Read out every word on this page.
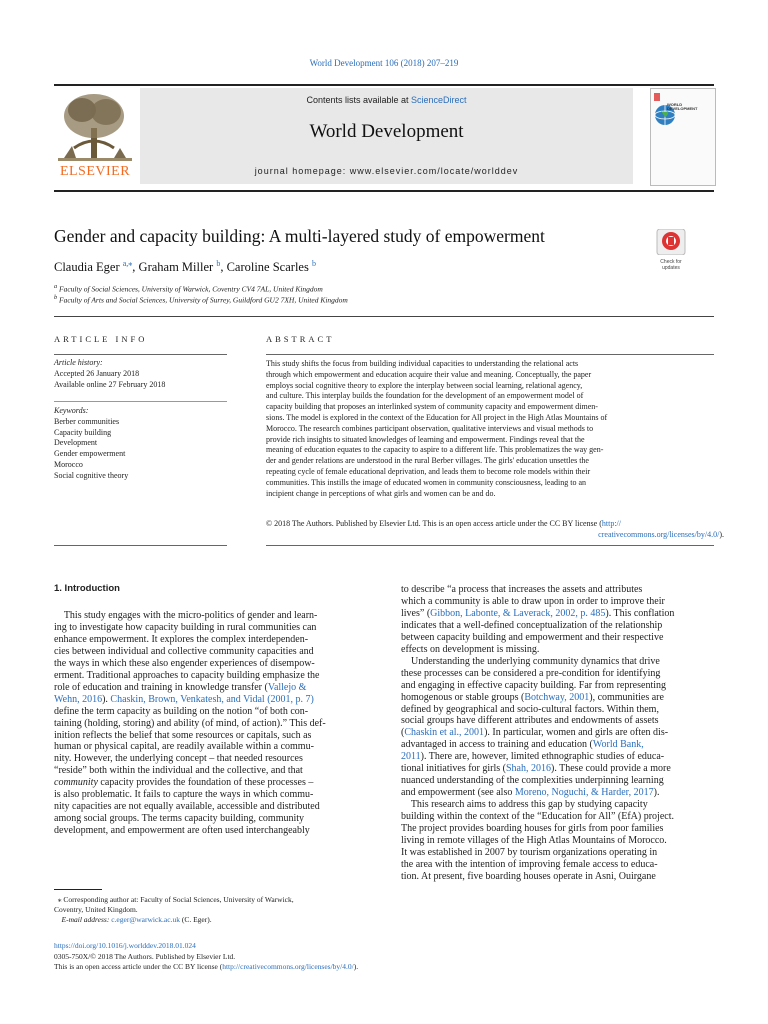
World Development 106 (2018) 207–219
ELSEVIER
Contents lists available at ScienceDirect
World Development
journal homepage: www.elsevier.com/locate/worlddev
WORLD
DEVELOPMENT
Gender and capacity building: A multi-layered study of empowerment
Check for
updates
Claudia Eger $^{a,⁎}$, Graham Miller $^b$, Caroline Scarles $^b$
$^a$ Faculty of Social Sciences, University of Warwick, Coventry CV4 7AL, United Kingdom
$^b$ Faculty of Arts and Social Sciences, University of Surrey, Guildford GU2 7XH, United Kingdom
ARTICLE INFO	ABSTRACT
Article history:
Accepted 26 January 2018
Available online 27 February 2018
Keywords:
Berber communities
Capacity building
Development
Gender empowerment
Morocco
Social cognitive theory
This study shifts the focus from building individual capacities to understanding the relational acts
through which empowerment and education acquire their value and meaning. Conceptually, the paper
employs social cognitive theory to explore the interplay between social learning, relational agency,
and culture. This interplay builds the foundation for the development of an empowerment model of
capacity building that proposes an interlinked system of community capacity and empowerment dimen-
sions. The model is explored in the context of the Education for All project in the High Atlas Mountains of
Morocco. The research combines participant observation, qualitative interviews and visual methods to
provide rich insights to situated knowledges of learning and empowerment. Findings reveal that the
meaning of education equates to the capacity to aspire to a different life. This problematizes the way gen-
der and gender relations are understood in the rural Berber villages. The girls' education unsettles the
repeating cycle of female educational deprivation, and leads them to become role models within their
communities. This instills the image of educated women in community consciousness, leading to an
incipient change in perceptions of what girls and women can be and do.
© 2018 The Authors. Published by Elsevier Ltd. This is an open access article under the CC BY license (http://
creativecommons.org/licenses/by/4.0/).
1. Introduction
This study engages with the micro-politics of gender and learn-
ing to investigate how capacity building in rural communities can
enhance empowerment. It explores the complex interdependen-
cies between individual and collective community capacities and
the ways in which these also engender experiences of disempow-
erment. Traditional approaches to capacity building emphasize the
role of education and training in knowledge transfer (Vallejo &
Wehn, 2016). Chaskin, Brown, Venkatesh, and Vidal (2001, p. 7)
define the term capacity as building on the notion “of both con-
taining (holding, storing) and ability (of mind, of action).” This def-
inition reflects the belief that some resources or capitals, such as
human or physical capital, are readily available within a commu-
nity. However, the underlying concept – that needed resources
“reside” both within the individual and the collective, and that
community capacity provides the foundation of these processes –
is also problematic. It fails to capture the ways in which commu-
nity capacities are not equally available, accessible and distributed
among social groups. The terms capacity building, community
development, and empowerment are often used interchangeably
to describe “a process that increases the assets and attributes
which a community is able to draw upon in order to improve their
lives” (Gibbon, Labonte, & Laverack, 2002, p. 485). This conflation
indicates that a well-defined conceptualization of the relationship
between capacity building and empowerment and their respective
effects on development is missing.
Understanding the underlying community dynamics that drive
these processes can be considered a pre-condition for identifying
and engaging in effective capacity building. Far from representing
homogenous or stable groups (Botchway, 2001), communities are
defined by geographical and socio-cultural factors. Within them,
social groups have different attributes and endowments of assets
(Chaskin et al., 2001). In particular, women and girls are often dis-
advantaged in access to training and education (World Bank,
2011). There are, however, limited ethnographic studies of educa-
tional initiatives for girls (Shah, 2016). These could provide a more
nuanced understanding of the complexities underpinning learning
and empowerment (see also Moreno, Noguchi, & Harder, 2017).
This research aims to address this gap by studying capacity
building within the context of the “Education for All” (EfA) project.
The project provides boarding houses for girls from poor families
living in remote villages of the High Atlas Mountains of Morocco.
It was established in 2007 by tourism organizations operating in
the area with the intention of improving female access to educa-
tion. At present, five boarding houses operate in Asni, Ouirgane
⁎ Corresponding author at: Faculty of Social Sciences, University of Warwick,
Coventry, United Kingdom.
E-mail address: c.eger@warwick.ac.uk (C. Eger).
https://doi.org/10.1016/j.worlddev.2018.01.024
0305-750X/© 2018 The Authors. Published by Elsevier Ltd.
This is an open access article under the CC BY license (http://creativecommons.org/licenses/by/4.0/).
